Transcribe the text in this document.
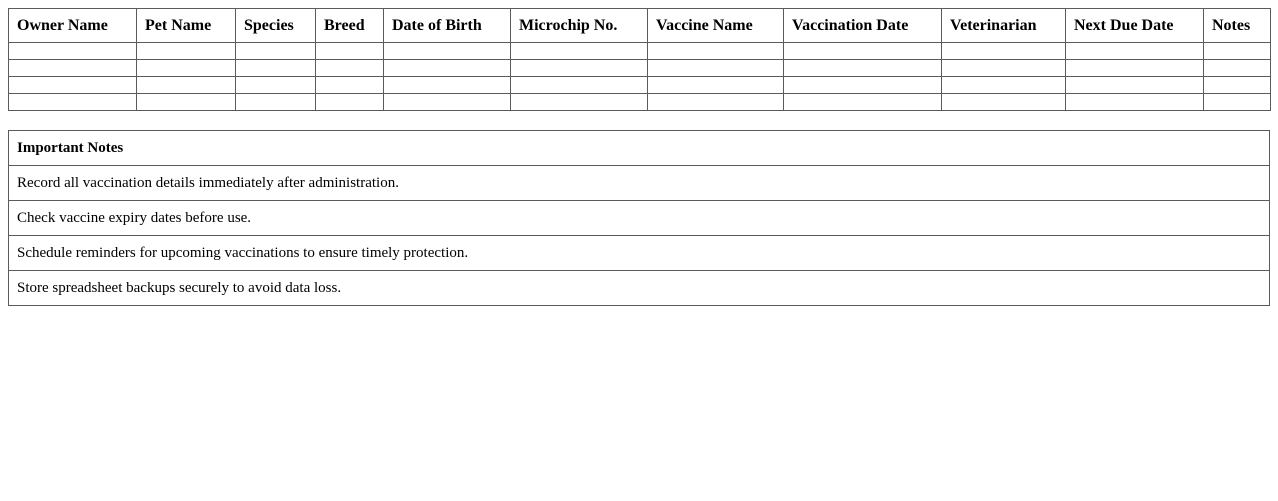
Owner Name	Pet Name	Species	Breed	Date of Birth	Microchip No.	Vaccine Name	Vaccination Date	Veterinarian	Next Due Date	Notes

Important Notes
Record all vaccination details immediately after administration.
Check vaccine expiry dates before use.
Schedule reminders for upcoming vaccinations to ensure timely protection.
Store spreadsheet backups securely to avoid data loss.
